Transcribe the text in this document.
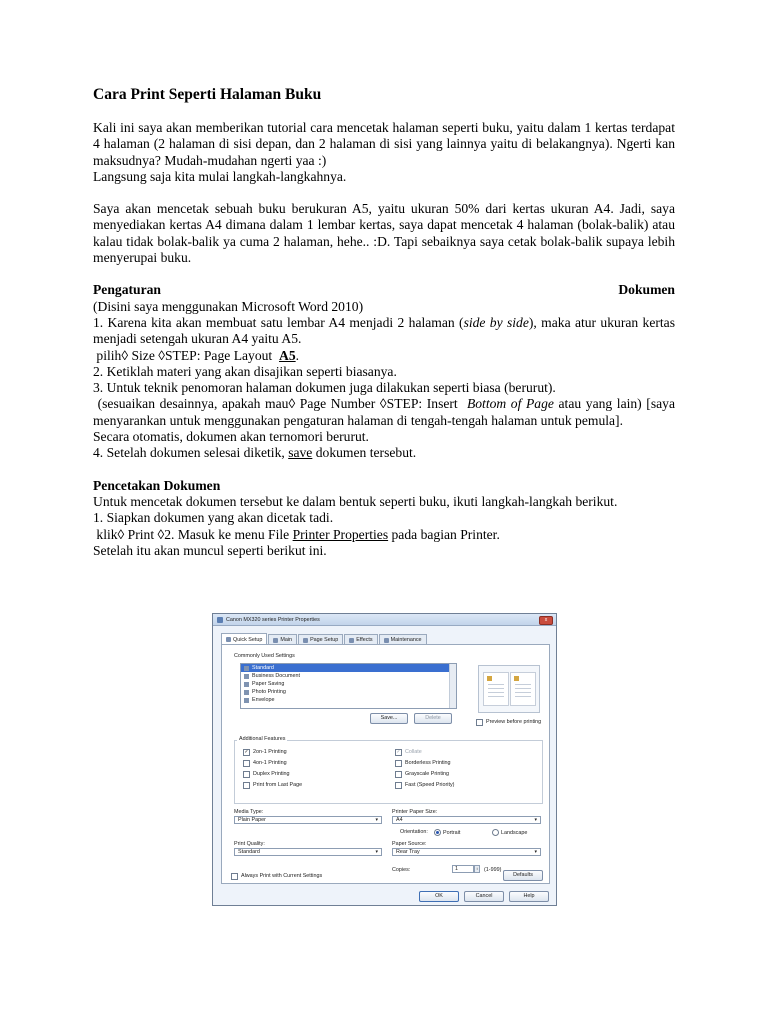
Cara Print Seperti Halaman Buku

Kali ini saya akan memberikan tutorial cara mencetak halaman seperti buku, yaitu dalam 1 kertas terdapat 4 halaman (2 halaman di sisi depan, dan 2 halaman di sisi yang lainnya yaitu di belakangnya). Ngerti kan maksudnya? Mudah-mudahan ngerti yaa :)

Langsung saja kita mulai langkah-langkahnya.

Saya akan mencetak sebuah buku berukuran A5, yaitu ukuran 50% dari kertas ukuran A4. Jadi, saya menyediakan kertas A4 dimana dalam 1 lembar kertas, saya dapat mencetak 4 halaman (bolak-balik) atau kalau tidak bolak-balik ya cuma 2 halaman, hehe.. :D. Tapi sebaiknya saya cetak bolak-balik supaya lebih menyerupai buku.

Pengaturan	Dokumen

(Disini saya menggunakan Microsoft Word 2010)

1. Karena kita akan membuat satu lembar A4 menjadi 2 halaman (side by side), maka atur ukuran kertas menjadi setengah ukuran A4 yaitu A5.

pilih◊ Size ◊STEP: Page Layout  A5.

2. Ketiklah materi yang akan disajikan seperti biasanya.

3. Untuk teknik penomoran halaman dokumen juga dilakukan seperti biasa (berurut).

(sesuaikan desainnya, apakah mau◊ Page Number ◊STEP: Insert  Bottom of Page atau yang lain) [saya menyarankan untuk menggunakan pengaturan halaman di tengah-tengah halaman untuk pemula].

Secara otomatis, dokumen akan ternomori berurut.

4. Setelah dokumen selesai diketik, save dokumen tersebut.

Pencetakan Dokumen

Untuk mencetak dokumen tersebut ke dalam bentuk seperti buku, ikuti langkah-langkah berikut.

1. Siapkan dokumen yang akan dicetak tadi.

klik◊ Print ◊2. Masuk ke menu File Printer Properties pada bagian Printer.

Setelah itu akan muncul seperti berikut ini.

Canon MX320 series Printer Properties	x
Quick Setup	Main	Page Setup	Effects	Maintenance
Commonly Used Settings
Standard
Business Document
Paper Saving
Photo Printing
Envelope
Save...	Delete
Preview before printing
Additional Features
✓ 2on-1 Printing
4on-1 Printing
Duplex Printing
Print from Last Page
✓ Collate
Borderless Printing
Grayscale Printing
Fast (Speed Priority)
Media Type:
Plain Paper	▾
Printer Paper Size:
A4	▾
Orientation:	Portrait	Landscape
Print Quality:
Standard	▾
Paper Source:
Rear Tray	▾
Copies:	1	↕	(1-999)
Always Print with Current Settings	Defaults
OK	Cancel	Help
